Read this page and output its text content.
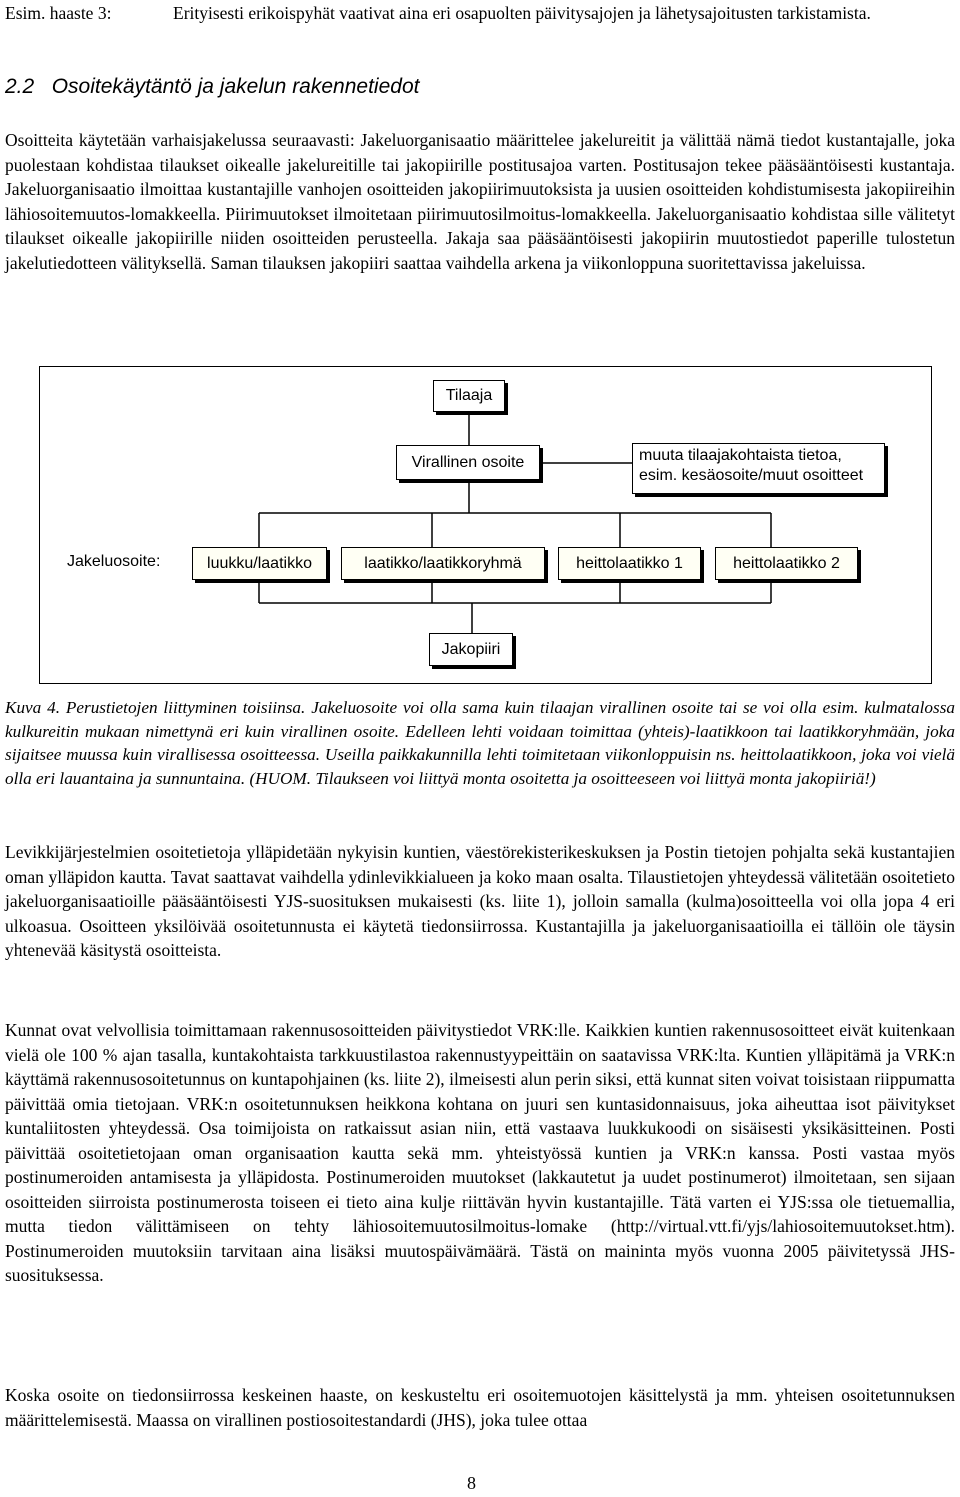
Esim. haaste 3:	Erityisesti erikoispyhät vaativat aina eri osapuolten päivitysajojen ja lähetysajoitusten tarkistamista.
2.2 Osoitekäytäntö ja jakelun rakennetiedot

Osoitteita käytetään varhaisjakelussa seuraavasti: Jakeluorganisaatio määrittelee jakelureitit ja välittää nämä tiedot kustantajalle, joka puolestaan kohdistaa tilaukset oikealle jakelureitille tai jakopiirille postitusajoa varten. Postitusajon tekee pääsääntöisesti kustantaja. Jakeluorganisaatio ilmoittaa kustantajille vanhojen osoitteiden jakopiirimuutoksista ja uusien osoitteiden kohdistumisesta jakopiireihin lähiosoitemuutos-lomakkeella. Piirimuutokset ilmoitetaan piirimuutosilmoitus-lomakkeella. Jakeluorganisaatio kohdistaa sille välitetyt tilaukset oikealle jakopiirille niiden osoitteiden perusteella. Jakaja saa pääsääntöisesti jakopiirin muutostiedot paperille tulostetun jakelutiedotteen välityksellä. Saman tilauksen jakopiiri saattaa vaihdella arkena ja viikonloppuna suoritettavissa jakeluissa.

Tilaaja
Virallinen osoite	muuta tilaajakohtaista tietoa, esim. kesäosoite/muut osoitteet
Jakeluosoite:	luukku/laatikko	laatikko/laatikkoryhmä	heittolaatikko 1	heittolaatikko 2
Jakopiiri

Kuva 4. Perustietojen liittyminen toisiinsa. Jakeluosoite voi olla sama kuin tilaajan virallinen osoite tai se voi olla esim. kulmatalossa kulkureitin mukaan nimettynä eri kuin virallinen osoite. Edelleen lehti voidaan toimittaa (yhteis)-laatikkoon tai laatikkoryhmään, joka sijaitsee muussa kuin virallisessa osoitteessa. Useilla paikkakunnilla lehti toimitetaan viikonloppuisin ns. heittolaatikkoon, joka voi vielä olla eri lauantaina ja sunnuntaina. (HUOM. Tilaukseen voi liittyä monta osoitetta ja osoitteeseen voi liittyä monta jakopiiriä!)

Levikkijärjestelmien osoitetietoja ylläpidetään nykyisin kuntien, väestörekisterikeskuksen ja Postin tietojen pohjalta sekä kustantajien oman ylläpidon kautta. Tavat saattavat vaihdella ydinlevikkialueen ja koko maan osalta. Tilaustietojen yhteydessä välitetään osoitetieto jakeluorganisaatioille pääsääntöisesti YJS-suosituksen mukaisesti (ks. liite 1), jolloin samalla (kulma)osoitteella voi olla jopa 4 eri ulkoasua. Osoitteen yksilöivää osoitetunnusta ei käytetä tiedonsiirrossa. Kustantajilla ja jakeluorganisaatioilla ei tällöin ole täysin yhtenevää käsitystä osoitteista.

Kunnat ovat velvollisia toimittamaan rakennusosoitteiden päivitystiedot VRK:lle. Kaikkien kuntien rakennusosoitteet eivät kuitenkaan vielä ole 100 % ajan tasalla, kuntakohtaista tarkkuustilastoa rakennustyypeittäin on saatavissa VRK:lta. Kuntien ylläpitämä ja VRK:n käyttämä rakennusosoitetunnus on kuntapohjainen (ks. liite 2), ilmeisesti alun perin siksi, että kunnat siten voivat toisistaan riippumatta päivittää omia tietojaan. VRK:n osoitetunnuksen heikkona kohtana on juuri sen kuntasidonnaisuus, joka aiheuttaa isot päivitykset kuntaliitosten yhteydessä. Osa toimijoista on ratkaissut asian niin, että vastaava luukkukoodi on sisäisesti yksikäsitteinen. Posti päivittää osoitetietojaan oman organisaation kautta sekä mm. yhteistyössä kuntien ja VRK:n kanssa. Posti vastaa myös postinumeroiden antamisesta ja ylläpidosta. Postinumeroiden muutokset (lakkautetut ja uudet postinumerot) ilmoitetaan, sen sijaan osoitteiden siirroista postinumerosta toiseen ei tieto aina kulje riittävän hyvin kustantajille. Tätä varten ei YJS:ssa ole tietuemallia, mutta tiedon välittämiseen on tehty lähiosoitemuutosilmoitus-lomake (http://virtual.vtt.fi/yjs/lahiosoitemuutokset.htm). Postinumeroiden muutoksiin tarvitaan aina lisäksi muutospäivämäärä. Tästä on maininta myös vuonna 2005 päivitetyssä JHS-suosituksessa.

Koska osoite on tiedonsiirrossa keskeinen haaste, on keskusteltu eri osoitemuotojen käsittelystä ja mm. yhteisen osoitetunnuksen määrittelemisestä. Maassa on virallinen postiosoitestandardi (JHS), joka tulee ottaa

8
